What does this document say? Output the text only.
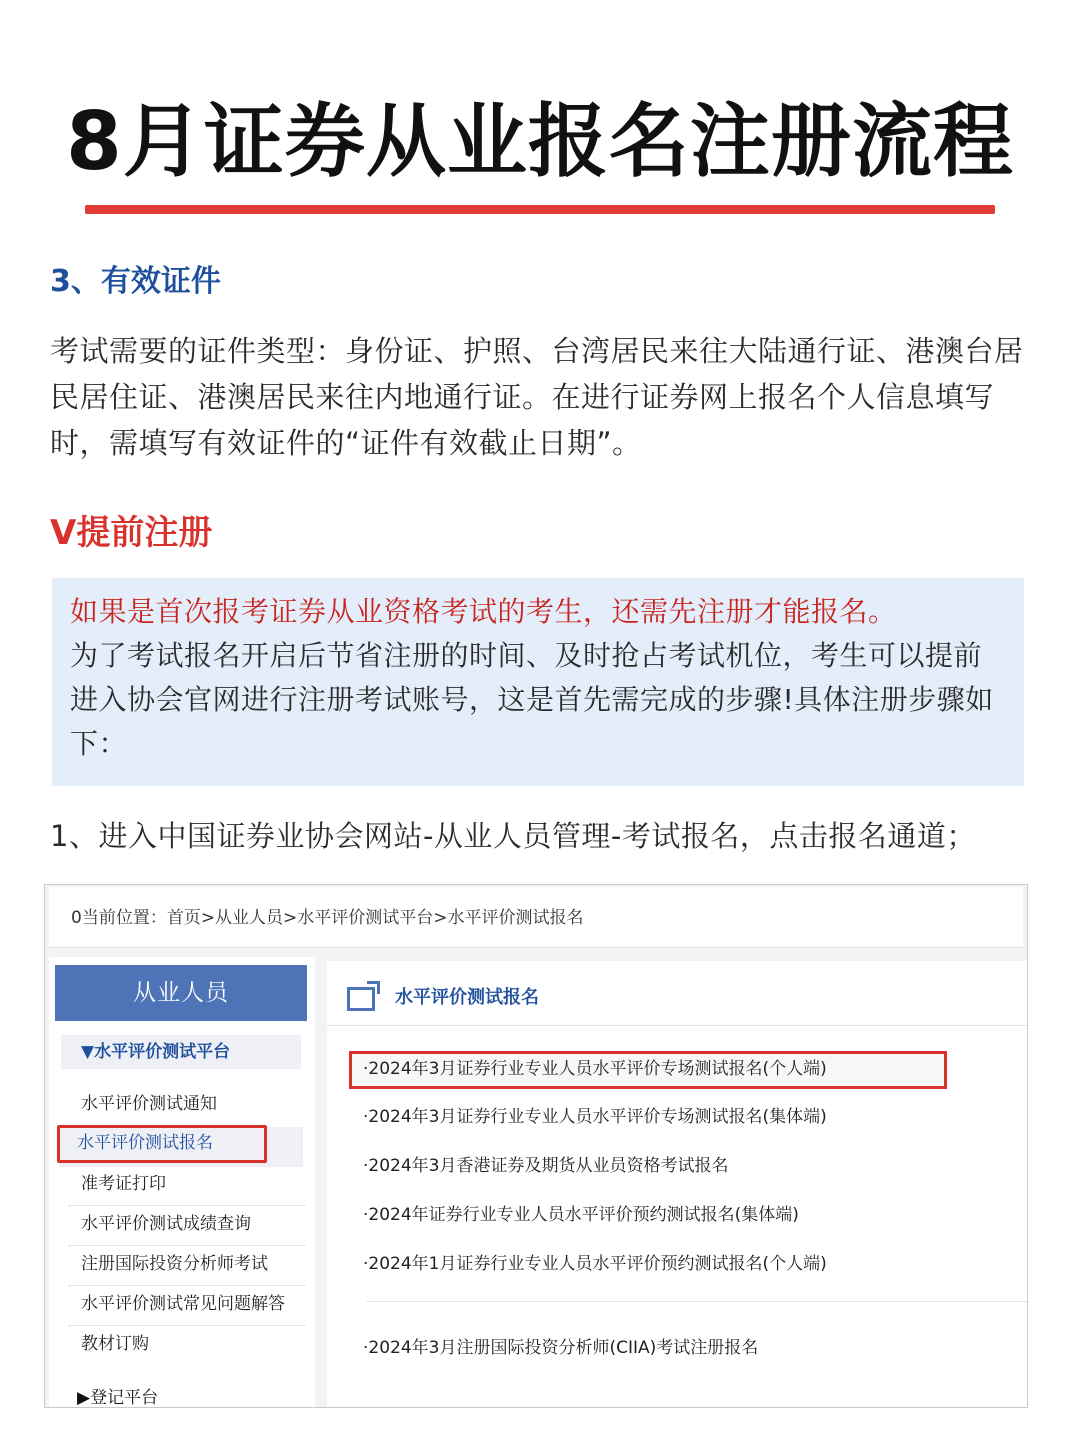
8月证券从业报名注册流程
3、有效证件
考试需要的证件类型：身份证、护照、台湾居民来往大陆通行证、港澳台居民居住证、港澳居民来往内地通行证。在进行证券网上报名个人信息填写时，需填写有效证件的“证件有效截止日期”。
V提前注册
如果是首次报考证券从业资格考试的考生，还需先注册才能报名。
为了考试报名开启后节省注册的时间、及时抢占考试机位，考生可以提前进入协会官网进行注册考试账号，这是首先需完成的步骤!具体注册步骤如下：
1、进入中国证券业协会网站-从业人员管理-考试报名，点击报名通道；
0当前位置：首页>从业人员>水平评价测试平台>水平评价测试报名
从业人员
▼水平评价测试平台
水平评价测试通知
水平评价测试报名
准考证打印
水平评价测试成绩查询
注册国际投资分析师考试
水平评价测试常见问题解答
教材订购
▶登记平台
水平评价测试报名
·2024年3月证券行业专业人员水平评价专场测试报名(个人端)
·2024年3月证券行业专业人员水平评价专场测试报名(集体端)
·2024年3月香港证券及期货从业员资格考试报名
·2024年证券行业专业人员水平评价预约测试报名(集体端)
·2024年1月证券行业专业人员水平评价预约测试报名(个人端)
·2024年3月注册国际投资分析师(CIIA)考试注册报名
